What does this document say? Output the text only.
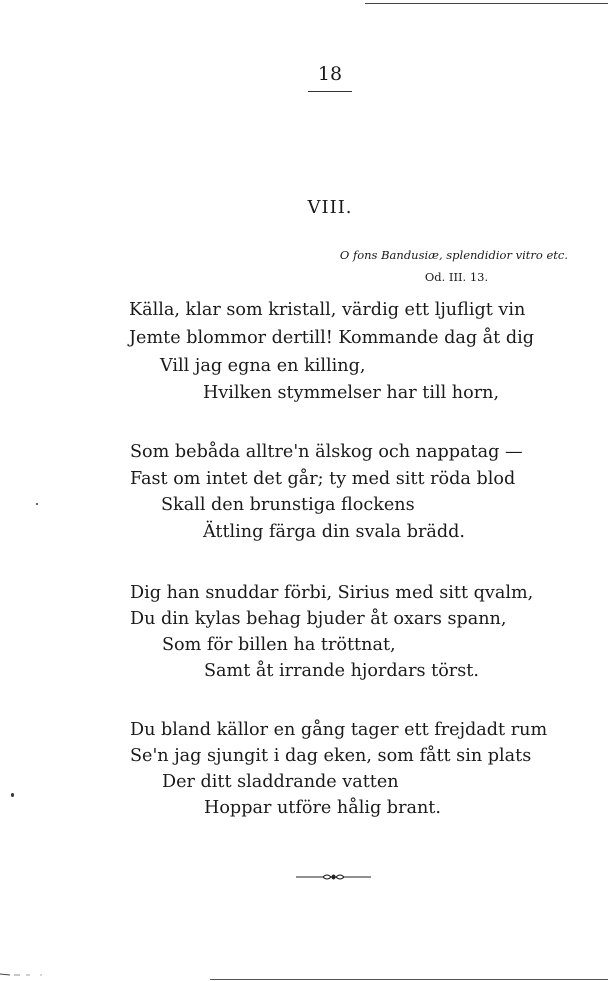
18
VIII.
O fons Bandusiæ, splendidior vitro etc.
Od. III. 13.
Källa, klar som kristall, värdig ett ljufligt vin
Jemte blommor dertill! Kommande dag åt dig
Vill jag egna en killing,
Hvilken stymmelser har till horn,
Som bebåda alltre'n älskog och nappatag —
Fast om intet det går; ty med sitt röda blod
Skall den brunstiga flockens
Ättling färga din svala brädd.
Dig han snuddar förbi, Sirius med sitt qvalm,
Du din kylas behag bjuder åt oxars spann,
Som för billen ha tröttnat,
Samt åt irrande hjordars törst.
Du bland källor en gång tager ett frejdadt rum
Se'n jag sjungit i dag eken, som fått sin plats
Der ditt sladdrande vatten
Hoppar utföre hålig brant.
